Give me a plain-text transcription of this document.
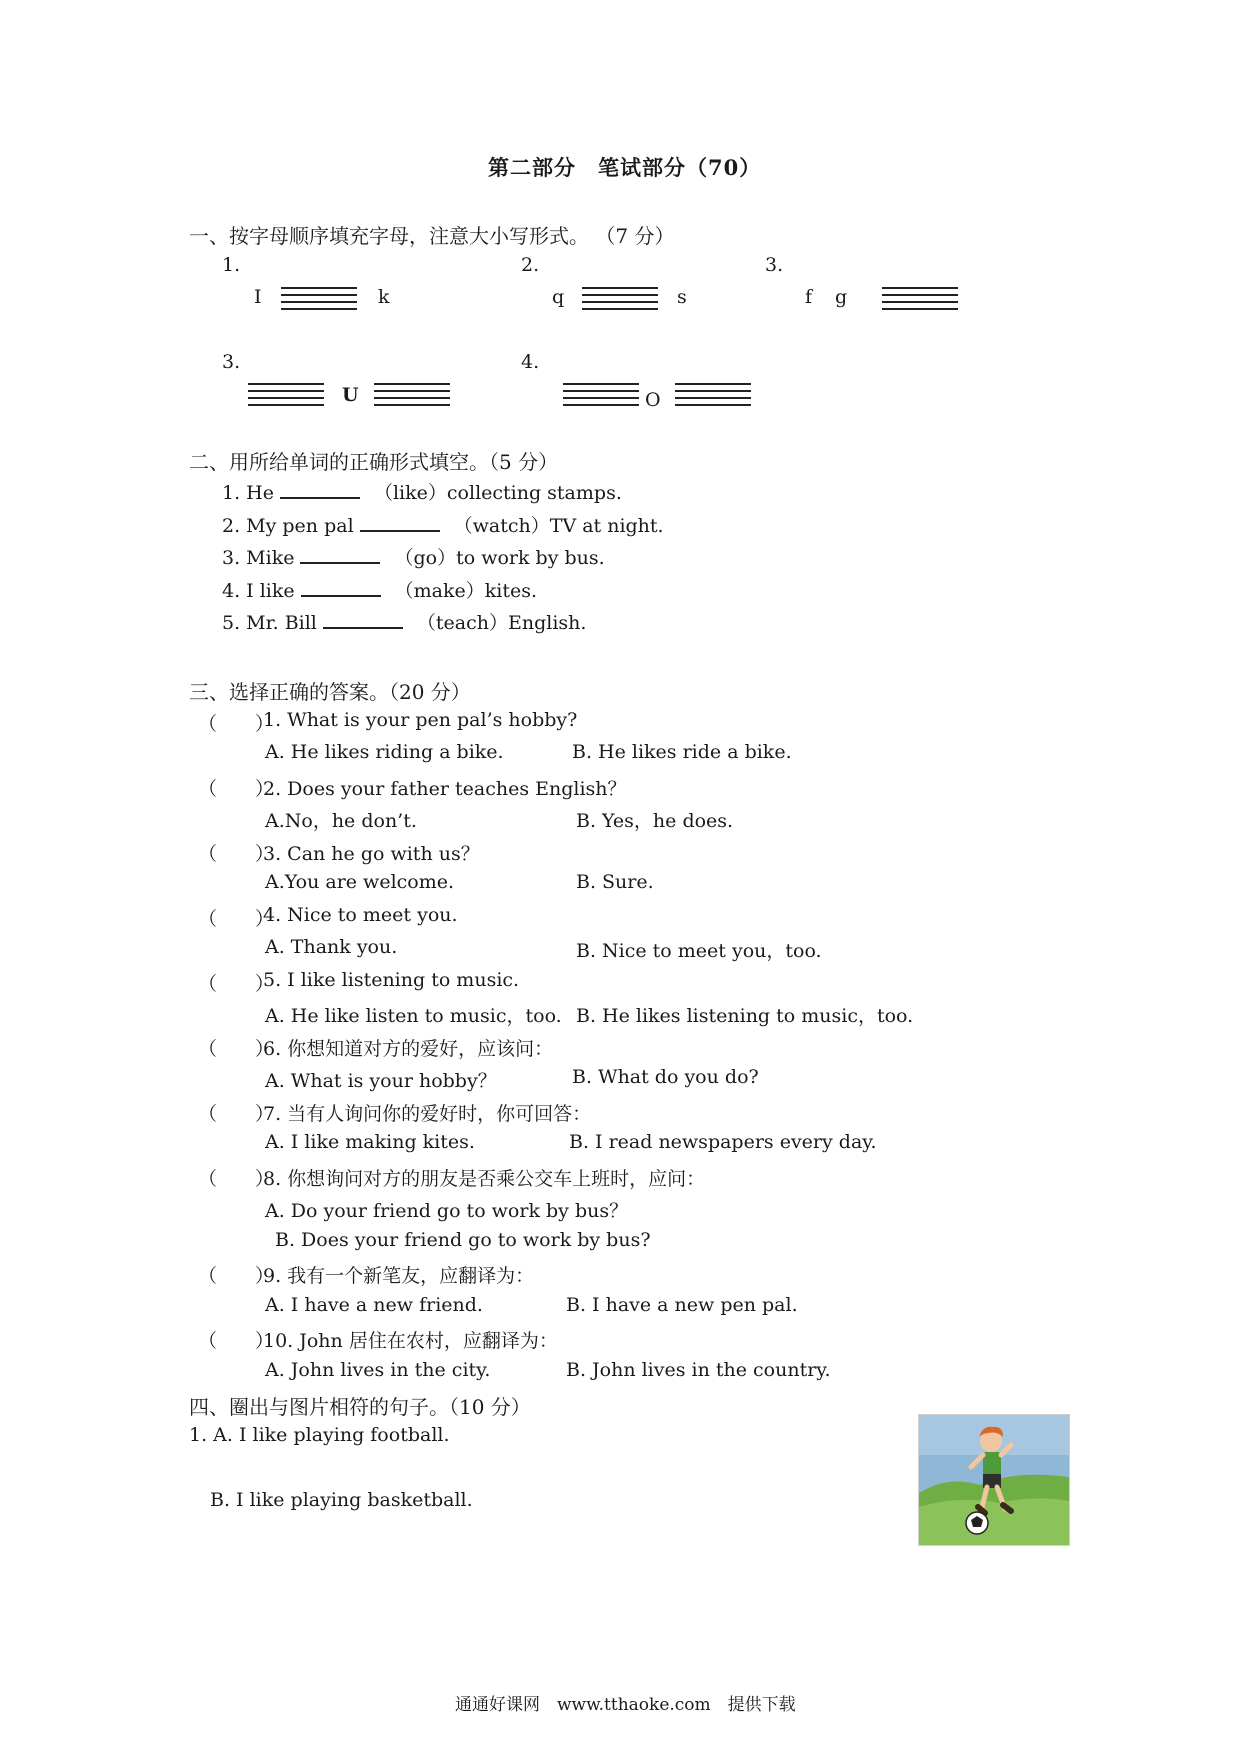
第二部分　笔试部分（70）
一、按字母顺序填充字母，注意大小写形式。 （7 分）
1.
I	k
2.
q	s
3.
f g
3.
U
4.
O
二、用所给单词的正确形式填空。（5 分）
1. He	（like）collecting stamps.
2. My pen pal	（watch）TV at night.
3. Mike	（go）to work by bus.
4. I like	（make）kites.
5. Mr. Bill	（teach）English.
三、选择正确的答案。（20 分）
（　　）
1. What is your pen pal’s hobby?
A. He likes riding a bike.	B. He likes ride a bike.
（　　）
2. Does your father teaches English？
A.No，he don’t.	B. Yes，he does.
（　　）
3. Can he go with us？
A.You are welcome.	B. Sure.
（　　）
4. Nice to meet you.
A. Thank you.	B. Nice to meet you，too.
（　　）
5. I like listening to music.
A. He like listen to music，too. B. He likes listening to music，too.
（　　）
6. 你想知道对方的爱好，应该问：
A. What is your hobby？	B. What do you do?
（　　）
7. 当有人询问你的爱好时，你可回答：
A. I like making kites.	B. I read newspapers every day.
（　　）
8. 你想询问对方的朋友是否乘公交车上班时，应问：
A. Do your friend go to work by bus？
B. Does your friend go to work by bus?
（　　）
9. 我有一个新笔友，应翻译为：
A. I have a new friend.	B. I have a new pen pal.
（　　）
10. John 居住在农村，应翻译为：
A. John lives in the city.	B. John lives in the country.
四、圈出与图片相符的句子。（10 分）
1. A. I like playing football.
B. I like playing basketball.
通通好课网　www.tthaoke.com　提供下载
